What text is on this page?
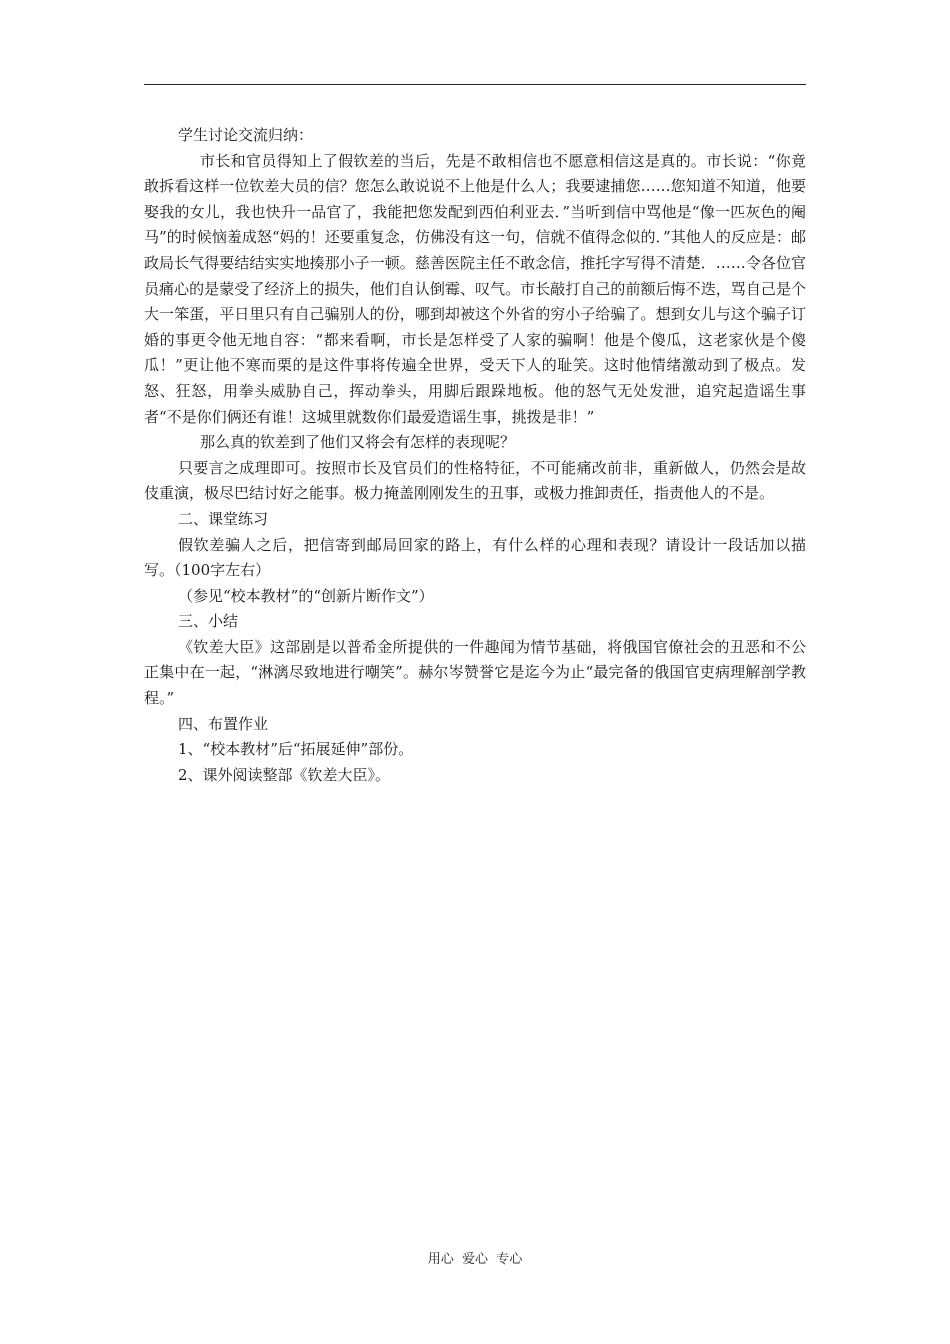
学生讨论交流归纳：

市长和官员得知上了假钦差的当后，先是不敢相信也不愿意相信这是真的。市长说：“你竟敢拆看这样一位钦差大员的信？您怎么敢说说不上他是什么人；我要逮捕您……您知道不知道，他要娶我的女儿，我也快升一品官了，我能把您发配到西伯利亚去．”当听到信中骂他是“像一匹灰色的阉马”的时候恼羞成怒“妈的！还要重复念，仿佛没有这一句，信就不值得念似的．”其他人的反应是：邮政局长气得要结结实实地揍那小子一顿。慈善医院主任不敢念信，推托字写得不清楚．……令各位官员痛心的是蒙受了经济上的损失，他们自认倒霉、叹气。市长敲打自己的前额后悔不迭，骂自己是个大一笨蛋，平日里只有自己骗别人的份，哪到却被这个外省的穷小子给骗了。想到女儿与这个骗子订婚的事更令他无地自容：“都来看啊，市长是怎样受了人家的骗啊！他是个傻瓜，这老家伙是个傻瓜！”更让他不寒而栗的是这件事将传遍全世界，受天下人的耻笑。这时他情绪激动到了极点。发怒、狂怒，用拳头威胁自己，挥动拳头，用脚后跟跺地板。他的怒气无处发泄，追究起造谣生事者“不是你们俩还有谁！这城里就数你们最爱造谣生事，挑拨是非！”

那么真的钦差到了他们又将会有怎样的表现呢？

只要言之成理即可。按照市长及官员们的性格特征，不可能痛改前非，重新做人，仍然会是故伎重演，极尽巴结讨好之能事。极力掩盖刚刚发生的丑事，或极力推卸责任，指责他人的不是。

二、课堂练习

假钦差骗人之后，把信寄到邮局回家的路上，有什么样的心理和表现？请设计一段话加以描写。（100字左右）

（参见“校本教材”的“创新片断作文”）

三、小结

《钦差大臣》这部剧是以普希金所提供的一件趣闻为情节基础，将俄国官僚社会的丑恶和不公正集中在一起，“淋漓尽致地进行嘲笑”。赫尔岑赞誉它是迄今为止“最完备的俄国官吏病理解剖学教程。”

四、布置作业

1、“校本教材”后“拓展延伸”部份。

2、课外阅读整部《钦差大臣》。

用心  爱心  专心
